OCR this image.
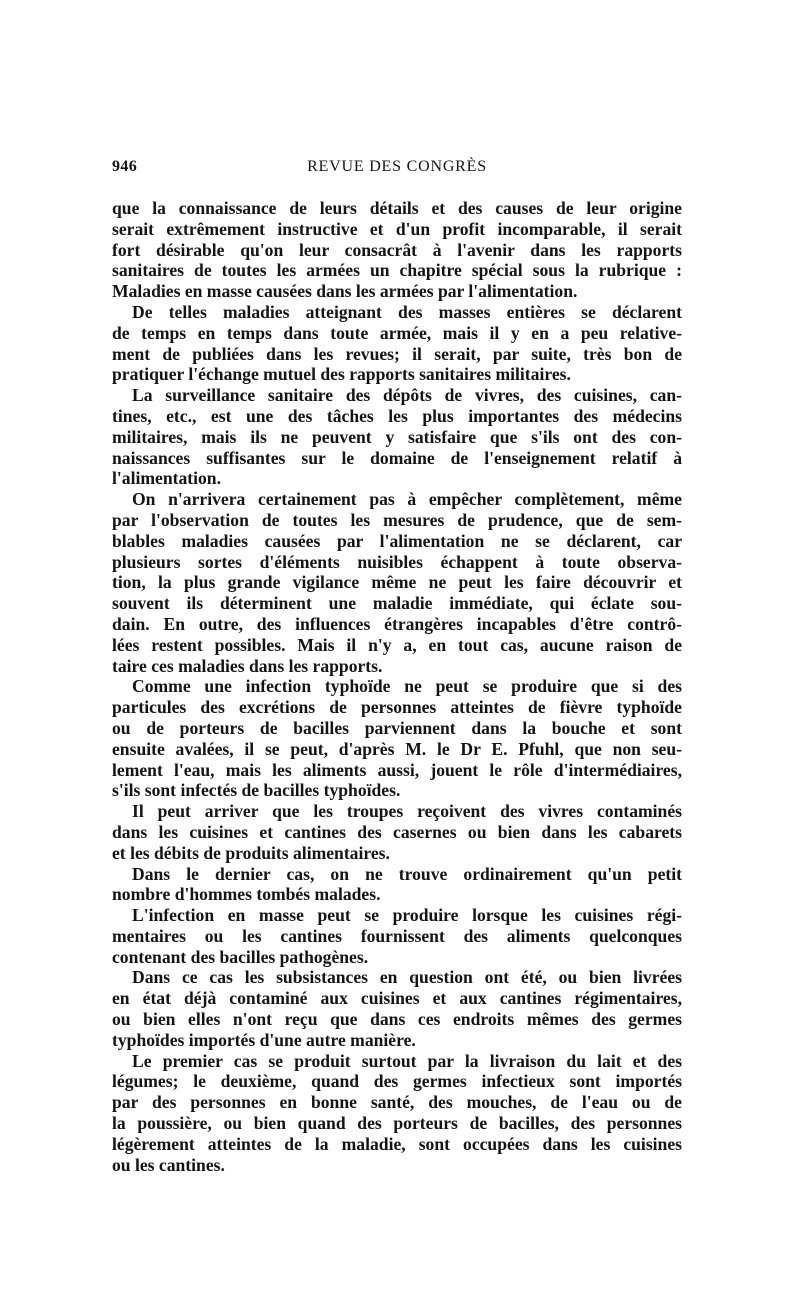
946	REVUE DES CONGRÈS

que la connaissance de leurs détails et des causes de leur origine
serait extrêmement instructive et d'un profit incomparable, il serait
fort désirable qu'on leur consacrât à l'avenir dans les rapports
sanitaires de toutes les armées un chapitre spécial sous la rubrique :
Maladies en masse causées dans les armées par l'alimentation.

De telles maladies atteignant des masses entières se déclarent
de temps en temps dans toute armée, mais il y en a peu relative-
ment de publiées dans les revues; il serait, par suite, très bon de
pratiquer l'échange mutuel des rapports sanitaires militaires.

La surveillance sanitaire des dépôts de vivres, des cuisines, can-
tines, etc., est une des tâches les plus importantes des médecins
militaires, mais ils ne peuvent y satisfaire que s'ils ont des con-
naissances suffisantes sur le domaine de l'enseignement relatif à
l'alimentation.

On n'arrivera certainement pas à empêcher complètement, même
par l'observation de toutes les mesures de prudence, que de sem-
blables maladies causées par l'alimentation ne se déclarent, car
plusieurs sortes d'éléments nuisibles échappent à toute observa-
tion, la plus grande vigilance même ne peut les faire découvrir et
souvent ils déterminent une maladie immédiate, qui éclate sou-
dain. En outre, des influences étrangères incapables d'être contrô-
lées restent possibles. Mais il n'y a, en tout cas, aucune raison de
taire ces maladies dans les rapports.

Comme une infection typhoïde ne peut se produire que si des
particules des excrétions de personnes atteintes de fièvre typhoïde
ou de porteurs de bacilles parviennent dans la bouche et sont
ensuite avalées, il se peut, d'après M. le Dr E. Pfuhl, que non seu-
lement l'eau, mais les aliments aussi, jouent le rôle d'intermédiaires,
s'ils sont infectés de bacilles typhoïdes.

Il peut arriver que les troupes reçoivent des vivres contaminés
dans les cuisines et cantines des casernes ou bien dans les cabarets
et les débits de produits alimentaires.

Dans le dernier cas, on ne trouve ordinairement qu'un petit
nombre d'hommes tombés malades.

L'infection en masse peut se produire lorsque les cuisines régi-
mentaires ou les cantines fournissent des aliments quelconques
contenant des bacilles pathogènes.

Dans ce cas les subsistances en question ont été, ou bien livrées
en état déjà contaminé aux cuisines et aux cantines régimentaires,
ou bien elles n'ont reçu que dans ces endroits mêmes des germes
typhoïdes importés d'une autre manière.

Le premier cas se produit surtout par la livraison du lait et des
légumes; le deuxième, quand des germes infectieux sont importés
par des personnes en bonne santé, des mouches, de l'eau ou de
la poussière, ou bien quand des porteurs de bacilles, des personnes
légèrement atteintes de la maladie, sont occupées dans les cuisines
ou les cantines.
